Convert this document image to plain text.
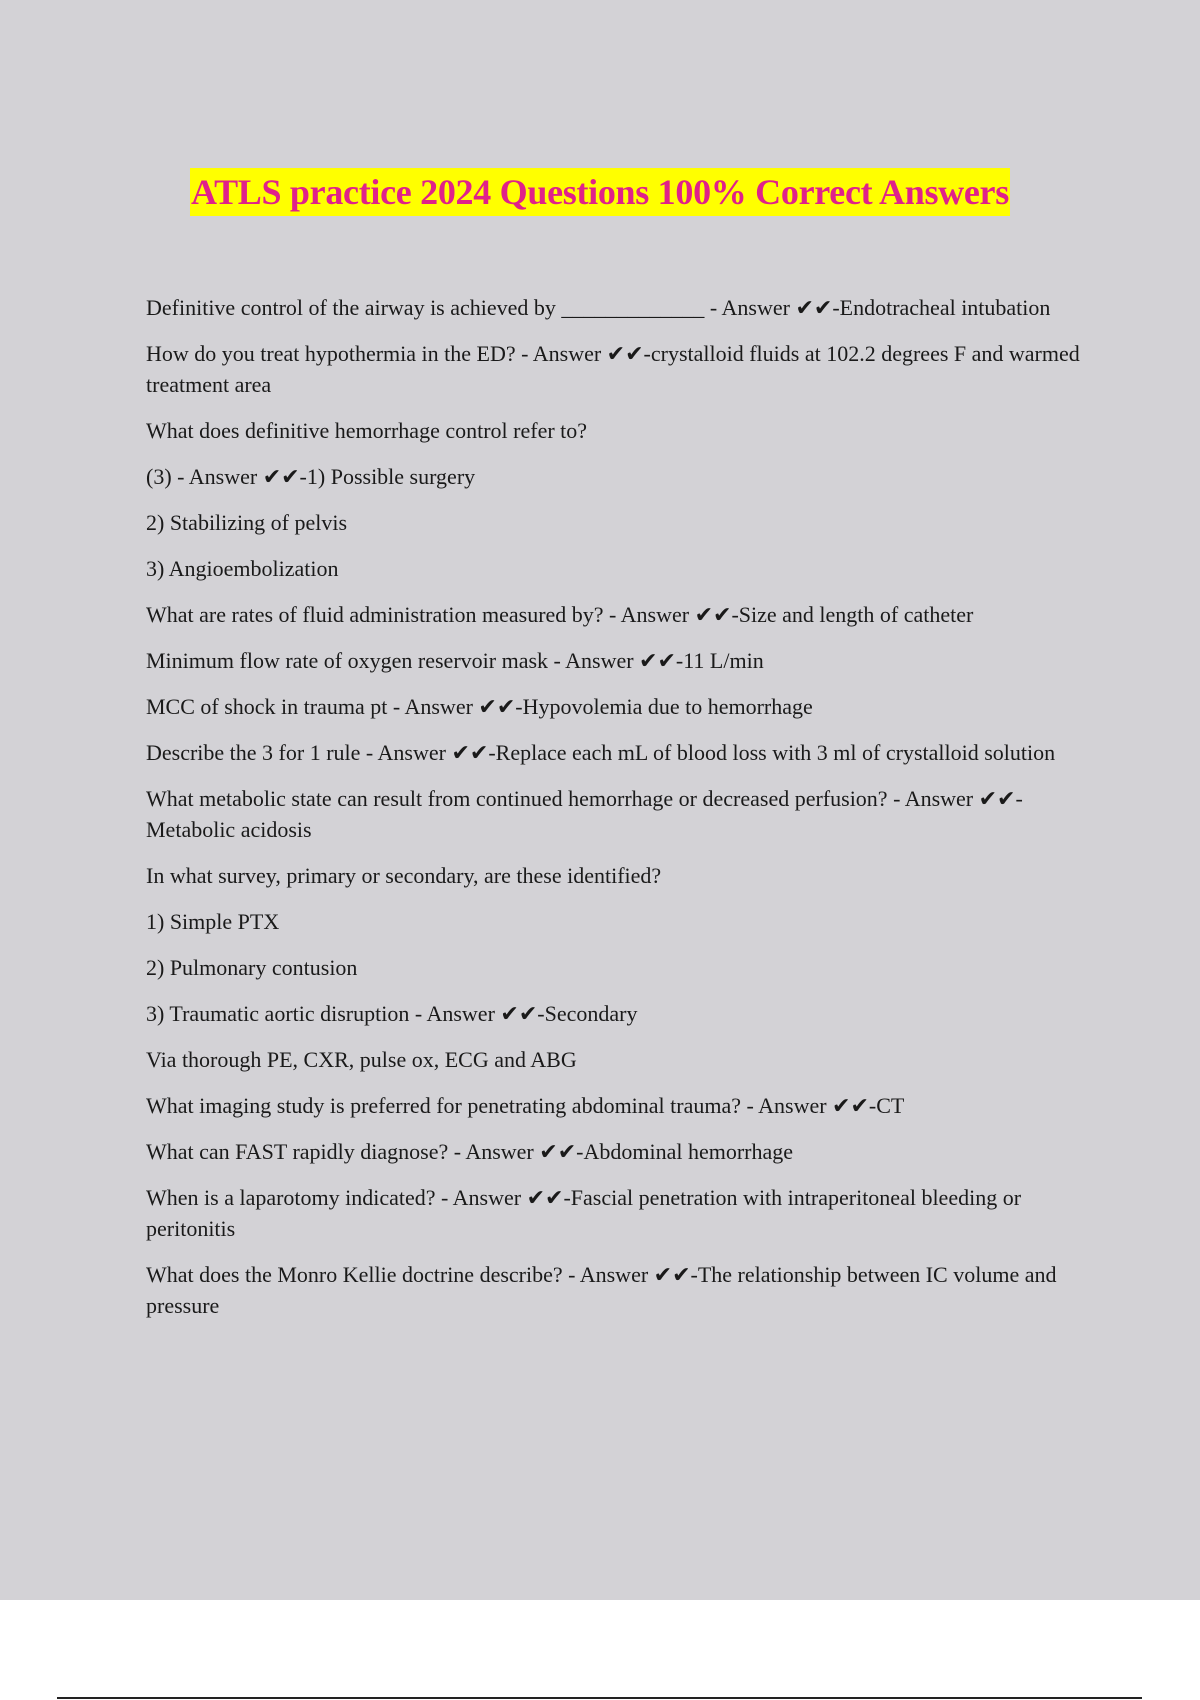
ATLS practice 2024 Questions 100% Correct Answers

Definitive control of the airway is achieved by _____________ - Answer ✔✔-Endotracheal intubation

How do you treat hypothermia in the ED? - Answer ✔✔-crystalloid fluids at 102.2 degrees F and warmed treatment area

What does definitive hemorrhage control refer to?

(3) - Answer ✔✔-1) Possible surgery

2) Stabilizing of pelvis

3) Angioembolization

What are rates of fluid administration measured by? - Answer ✔✔-Size and length of catheter

Minimum flow rate of oxygen reservoir mask - Answer ✔✔-11 L/min

MCC of shock in trauma pt - Answer ✔✔-Hypovolemia due to hemorrhage

Describe the 3 for 1 rule - Answer ✔✔-Replace each mL of blood loss with 3 ml of crystalloid solution

What metabolic state can result from continued hemorrhage or decreased perfusion? - Answer ✔✔-Metabolic acidosis

In what survey, primary or secondary, are these identified?

1) Simple PTX

2) Pulmonary contusion

3) Traumatic aortic disruption - Answer ✔✔-Secondary

Via thorough PE, CXR, pulse ox, ECG and ABG

What imaging study is preferred for penetrating abdominal trauma? - Answer ✔✔-CT

What can FAST rapidly diagnose? - Answer ✔✔-Abdominal hemorrhage

When is a laparotomy indicated? - Answer ✔✔-Fascial penetration with intraperitoneal bleeding or peritonitis

What does the Monro Kellie doctrine describe? - Answer ✔✔-The relationship between IC volume and pressure
